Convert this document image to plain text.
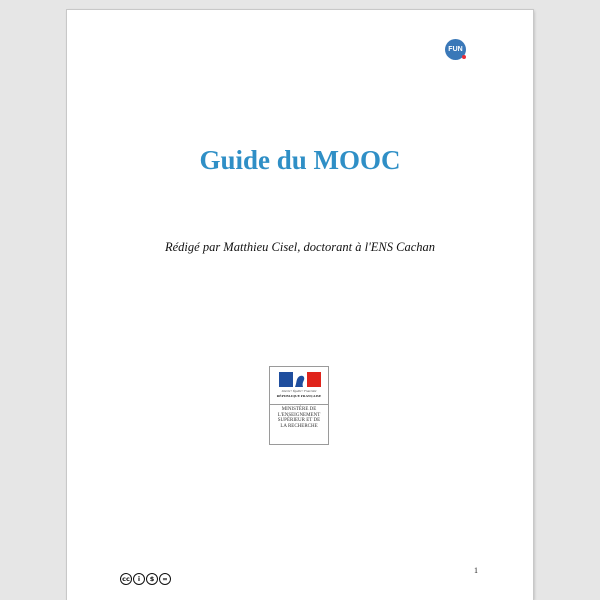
FUN
Guide du MOOC
Rédigé par Matthieu Cisel, doctorant à l'ENS Cachan
Liberté • Égalité • Fraternité
RÉPUBLIQUE FRANÇAISE
MINISTÈRE DE
L'ENSEIGNEMENT
SUPÉRIEUR ET DE
LA RECHERCHE
1
cc	i	$	=
